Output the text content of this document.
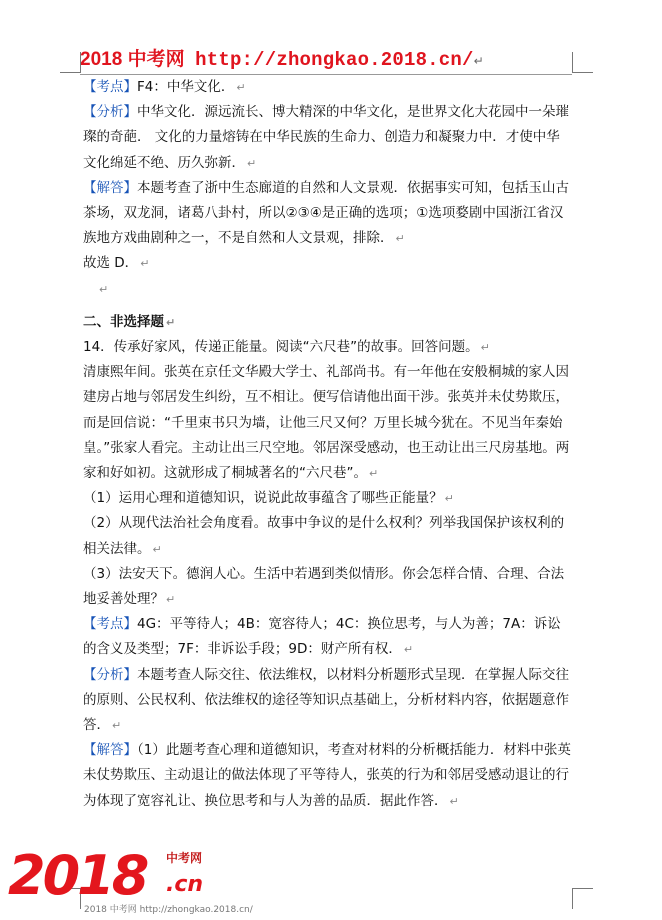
2018 中考网 http://zhongkao.2018.cn/↵

【考点】F4：中华文化． ↵

【分析】中华文化．源远流长、博大精深的中华文化，是世界文化大花园中一朵璀璨的奇葩． 文化的力量熔铸在中华民族的生命力、创造力和凝聚力中．才使中华文化绵延不绝、历久弥新． ↵

【解答】本题考查了浙中生态廊道的自然和人文景观．依据事实可知，包括玉山古茶场，双龙洞，诸葛八卦村，所以②③④是正确的选项；①选项婺剧中国浙江省汉族地方戏曲剧种之一，不是自然和人文景观，排除． ↵

故选 D． ↵

↵

二、非选择题 ↵

14．传承好家风，传递正能量。阅读“六尺巷”的故事。回答问题。 ↵

清康熙年间。张英在京任文华殿大学士、礼部尚书。有一年他在安般桐城的家人因建房占地与邻居发生纠纷，互不相让。便写信请他出面干涉。张英并未仗势欺压，而是回信说：“千里束书只为墙，让他三尺又何？万里长城今犹在。不见当年秦始皇。”张家人看完。主动让出三尺空地。邻居深受感动，也王动让出三尺房基地。两家和好如初。这就形成了桐城著名的“六尺巷”。 ↵

（1）运用心理和道德知识，说说此故事蕴含了哪些正能量？ ↵

（2）从现代法治社会角度看。故事中争议的是什么权利？列举我国保护该权利的相关法律。 ↵

（3）法安天下。德润人心。生活中若遇到类似情形。你会怎样合情、合理、合法地妥善处理？ ↵

【考点】4G：平等待人；4B：宽容待人；4C：换位思考，与人为善；7A：诉讼的含义及类型；7F：非诉讼手段；9D：财产所有权． ↵

【分析】本题考查人际交往、依法维权，以材料分析题形式呈现．在掌握人际交往的原则、公民权利、依法维权的途径等知识点基础上，分析材料内容，依据题意作答． ↵

【解答】（1）此题考查心理和道德知识，考查对材料的分析概括能力．材料中张英未仗势欺压、主动退让的做法体现了平等待人，张英的行为和邻居受感动退让的行为体现了宽容礼让、换位思考和与人为善的品质．据此作答． ↵

2018 中考网
.cn
2018 中考网 http://zhongkao.2018.cn/
